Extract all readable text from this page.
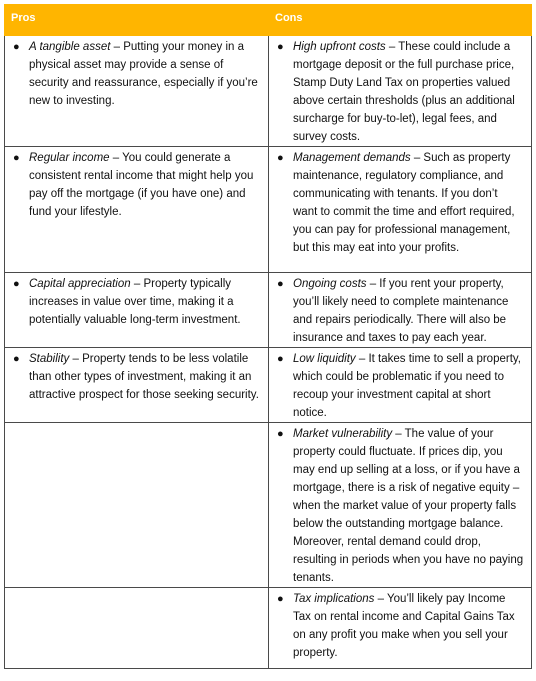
Pros	Cons

● A tangible asset – Putting your money in a physical asset may provide a sense of security and reassurance, especially if you’re new to investing.	● High upfront costs – These could include a mortgage deposit or the full purchase price, Stamp Duty Land Tax on properties valued above certain thresholds (plus an additional surcharge for buy-to-let), legal fees, and survey costs.

● Regular income – You could generate a consistent rental income that might help you pay off the mortgage (if you have one) and fund your lifestyle.	● Management demands – Such as property maintenance, regulatory compliance, and communicating with tenants. If you don’t want to commit the time and effort required, you can pay for professional management, but this may eat into your profits.

● Capital appreciation – Property typically increases in value over time, making it a potentially valuable long-term investment.	● Ongoing costs – If you rent your property, you’ll likely need to complete maintenance and repairs periodically. There will also be insurance and taxes to pay each year.

● Stability – Property tends to be less volatile than other types of investment, making it an attractive prospect for those seeking security.	● Low liquidity – It takes time to sell a property, which could be problematic if you need to recoup your investment capital at short notice.

	● Market vulnerability – The value of your property could fluctuate. If prices dip, you may end up selling at a loss, or if you have a mortgage, there is a risk of negative equity – when the market value of your property falls below the outstanding mortgage balance. Moreover, rental demand could drop, resulting in periods when you have no paying tenants.

	● Tax implications – You’ll likely pay Income Tax on rental income and Capital Gains Tax on any profit you make when you sell your property.
